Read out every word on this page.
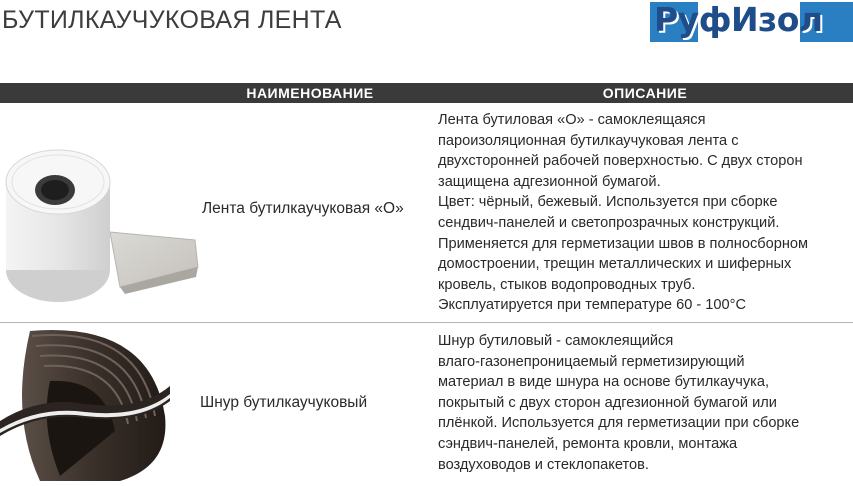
БУТИЛКАУЧУКОВАЯ ЛЕНТА	РуфИзол
НАИМЕНОВАНИЕ	ОПИСАНИЕ
Лента бутилкаучуковая «О»
Лента бутиловая «О» - самоклеящаяся
пароизоляционная бутилкаучуковая лента с
двухсторонней рабочей поверхностью. С двух сторон
защищена адгезионной бумагой.
Цвет: чёрный, бежевый. Используется при сборке
сендвич-панелей и светопрозрачных конструкций.
Применяется для герметизации швов в полносборном
домостроении, трещин металлических и шиферных
кровель, стыков водопроводных труб.
Эксплуатируется при температуре 60 - 100°С
Шнур бутилкаучуковый
Шнур бутиловый - самоклеящийся
влаго-газонепроницаемый герметизирующий
материал в виде шнура на основе бутилкаучука,
покрытый с двух сторон адгезионной бумагой или
плёнкой. Используется для герметизации при сборке
сэндвич-панелей, ремонта кровли, монтажа
воздуховодов и стеклопакетов.
